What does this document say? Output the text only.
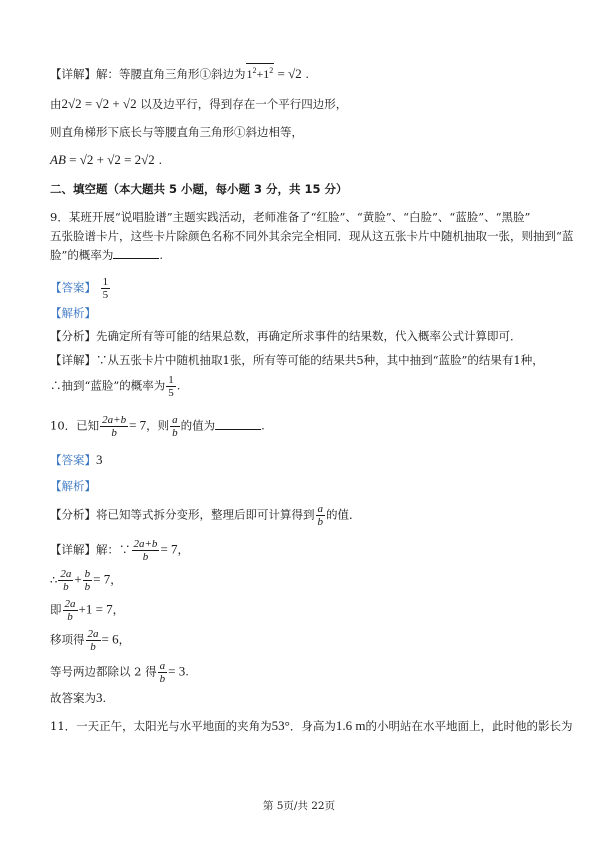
【详解】解：等腰直角三角形①斜边为$1^2+1^2 = √2$ .
由2√2 = √2 + √2 以及边平行，得到存在一个平行四边形，
则直角梯形下底长与等腰直角三角形①斜边相等，
AB = √2 + √2 = 2√2 .
二、填空题（本大题共 5 小题，每小题 3 分，共 15 分）
9．某班开展“说唱脸谱”主题实践活动，老师准备了“红脸”、“黄脸”、“白脸”、“蓝脸”、“黑脸”
五张脸谱卡片，这些卡片除颜色名称不同外其余完全相同．现从这五张卡片中随机抽取一张，则抽到“蓝
脸”的概率为	.
【答案】 $\frac{1}{5}$
【解析】
【分析】先确定所有等可能的结果总数，再确定所求事件的结果数，代入概率公式计算即可．
【详解】∵从五张卡片中随机抽取1张，所有等可能的结果共5种，其中抽到“蓝脸”的结果有1种，
∴抽到“蓝脸”的概率为 $\frac{1}{5}$ .
10．已知 $\frac{2a+b}{b} = 7$，则 $\frac{a}{b}$ 的值为	.
【答案】3
【解析】
【分析】将已知等式拆分变形，整理后即可计算得到 $\frac{a}{b}$ 的值．
【详解】解：∵ $\frac{2a+b}{b} = 7$，
∴ $\frac{2a}{b} + \frac{b}{b} = 7$，
即 $\frac{2a}{b} +1 = 7$，
移项得 $\frac{2a}{b} = 6$，
等号两边都除以 2 得 $\frac{a}{b} = 3$.
故答案为3.
11．一天正午，太阳光与水平地面的夹角为53°．身高为1.6 m的小明站在水平地面上，此时他的影长为
第 5页/共 22页
